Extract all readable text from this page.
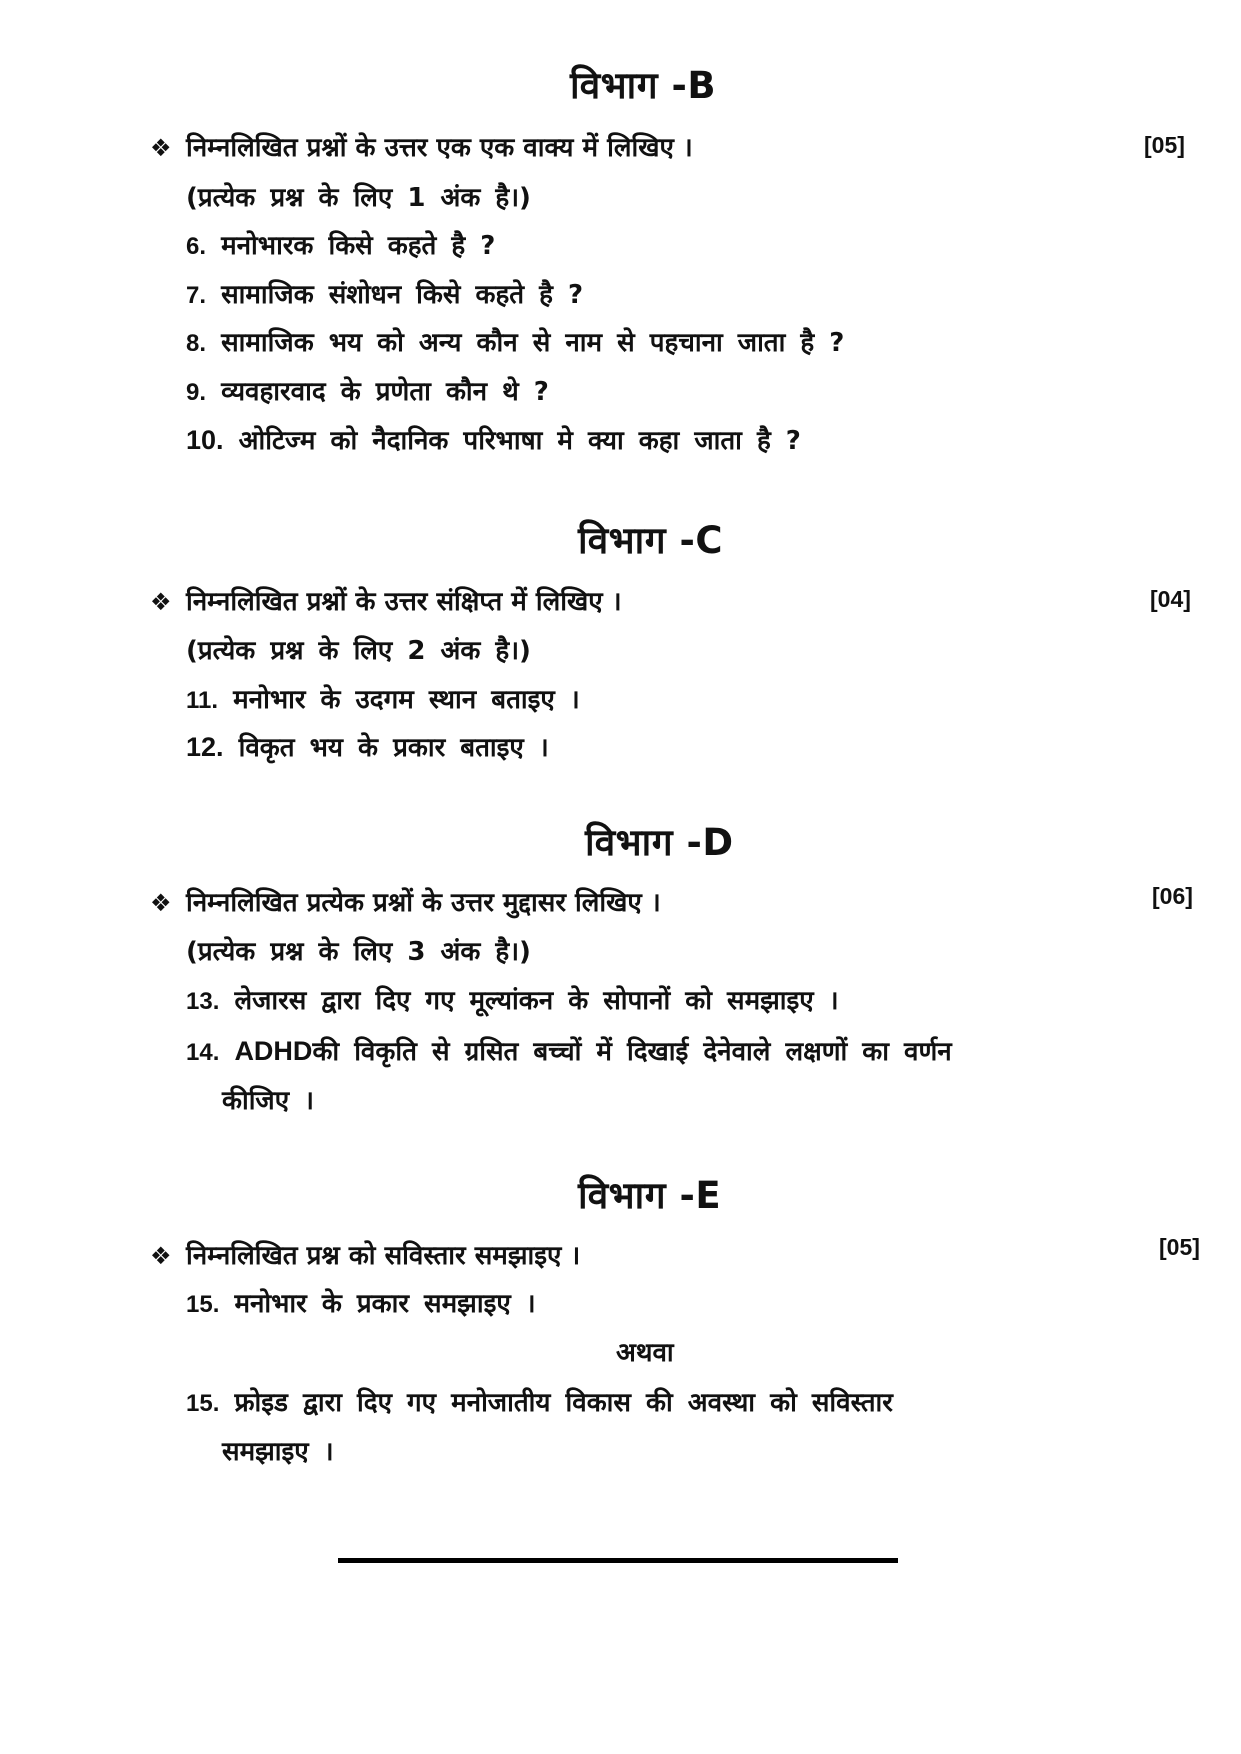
विभाग -B
❖ निम्नलिखित प्रश्नों के उत्तर एक एक वाक्य में लिखिए ।	[05]
(प्रत्येक प्रश्न के लिए 1 अंक है।)
6. मनोभारक किसे कहते है ?
7. सामाजिक संशोधन किसे कहते है ?
8. सामाजिक भय को अन्य कौन से नाम से पहचाना जाता है ?
9. व्यवहारवाद के प्रणेता कौन थे ?
10. ओटिज्म को नैदानिक परिभाषा मे क्या कहा जाता है ?
विभाग -C
❖ निम्नलिखित प्रश्नों के उत्तर संक्षिप्त में लिखिए ।	[04]
(प्रत्येक प्रश्न के लिए 2 अंक है।)
11. मनोभार के उदगम स्थान बताइए ।
12. विकृत भय के प्रकार बताइए ।
विभाग -D
❖ निम्नलिखित प्रत्येक प्रश्नों के उत्तर मुद्दासर लिखिए ।	[06]
(प्रत्येक प्रश्न के लिए 3 अंक है।)
13. लेजारस द्वारा दिए गए मूल्यांकन के सोपानों को समझाइए ।
14. ADHDकी विकृति से ग्रसित बच्चों में दिखाई देनेवाले लक्षणों का वर्णन
कीजिए ।
विभाग -E
❖ निम्नलिखित प्रश्न को सविस्तार समझाइए ।	[05]
15. मनोभार के प्रकार समझाइए ।
अथवा
15. फ्रोइड द्वारा दिए गए मनोजातीय विकास की अवस्था को सविस्तार
समझाइए ।
